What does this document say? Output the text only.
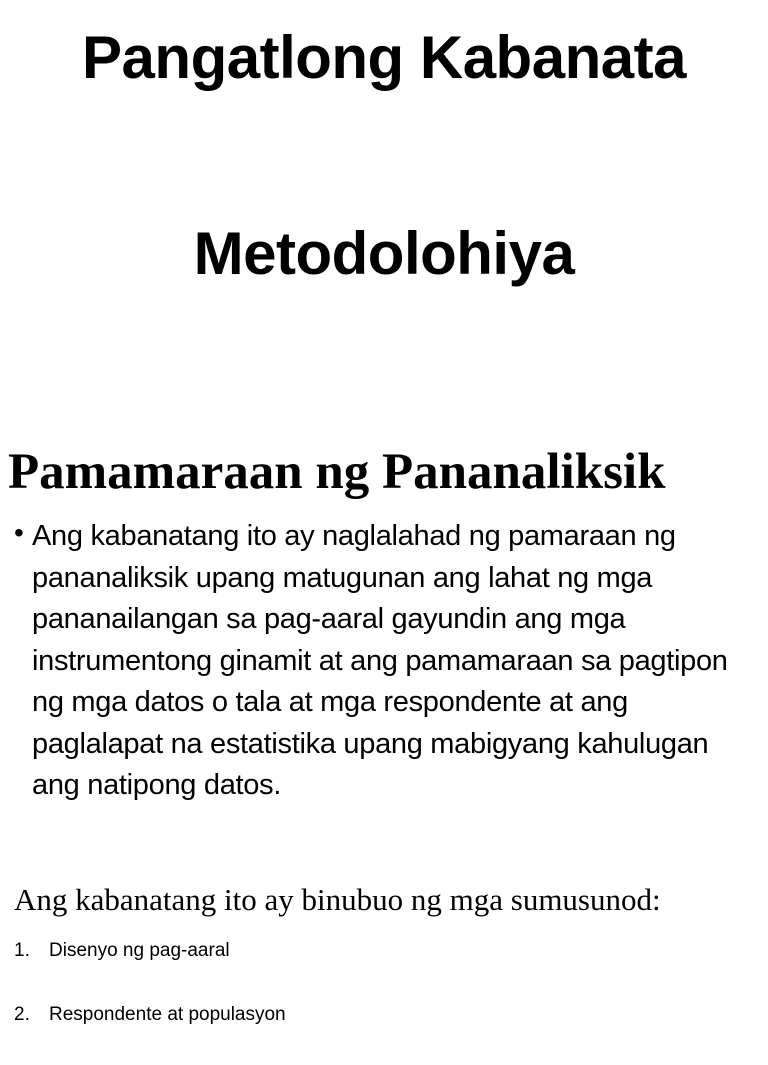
Pangatlong Kabanata
Metodolohiya
Pamamaraan ng Pananaliksik
• Ang kabanatang ito ay naglalahad ng pamaraan ng pananaliksik upang matugunan ang lahat ng mga pananailangan sa pag-aaral gayundin ang mga instrumentong ginamit at ang pamamaraan sa pagtipon ng mga datos o tala at mga respondente at ang paglalapat na estatistika upang mabigyang kahulugan ang natipong datos.

Ang kabanatang ito ay binubuo ng mga sumusunod:

1. Disenyo ng pag-aaral
2. Respondente at populasyon
